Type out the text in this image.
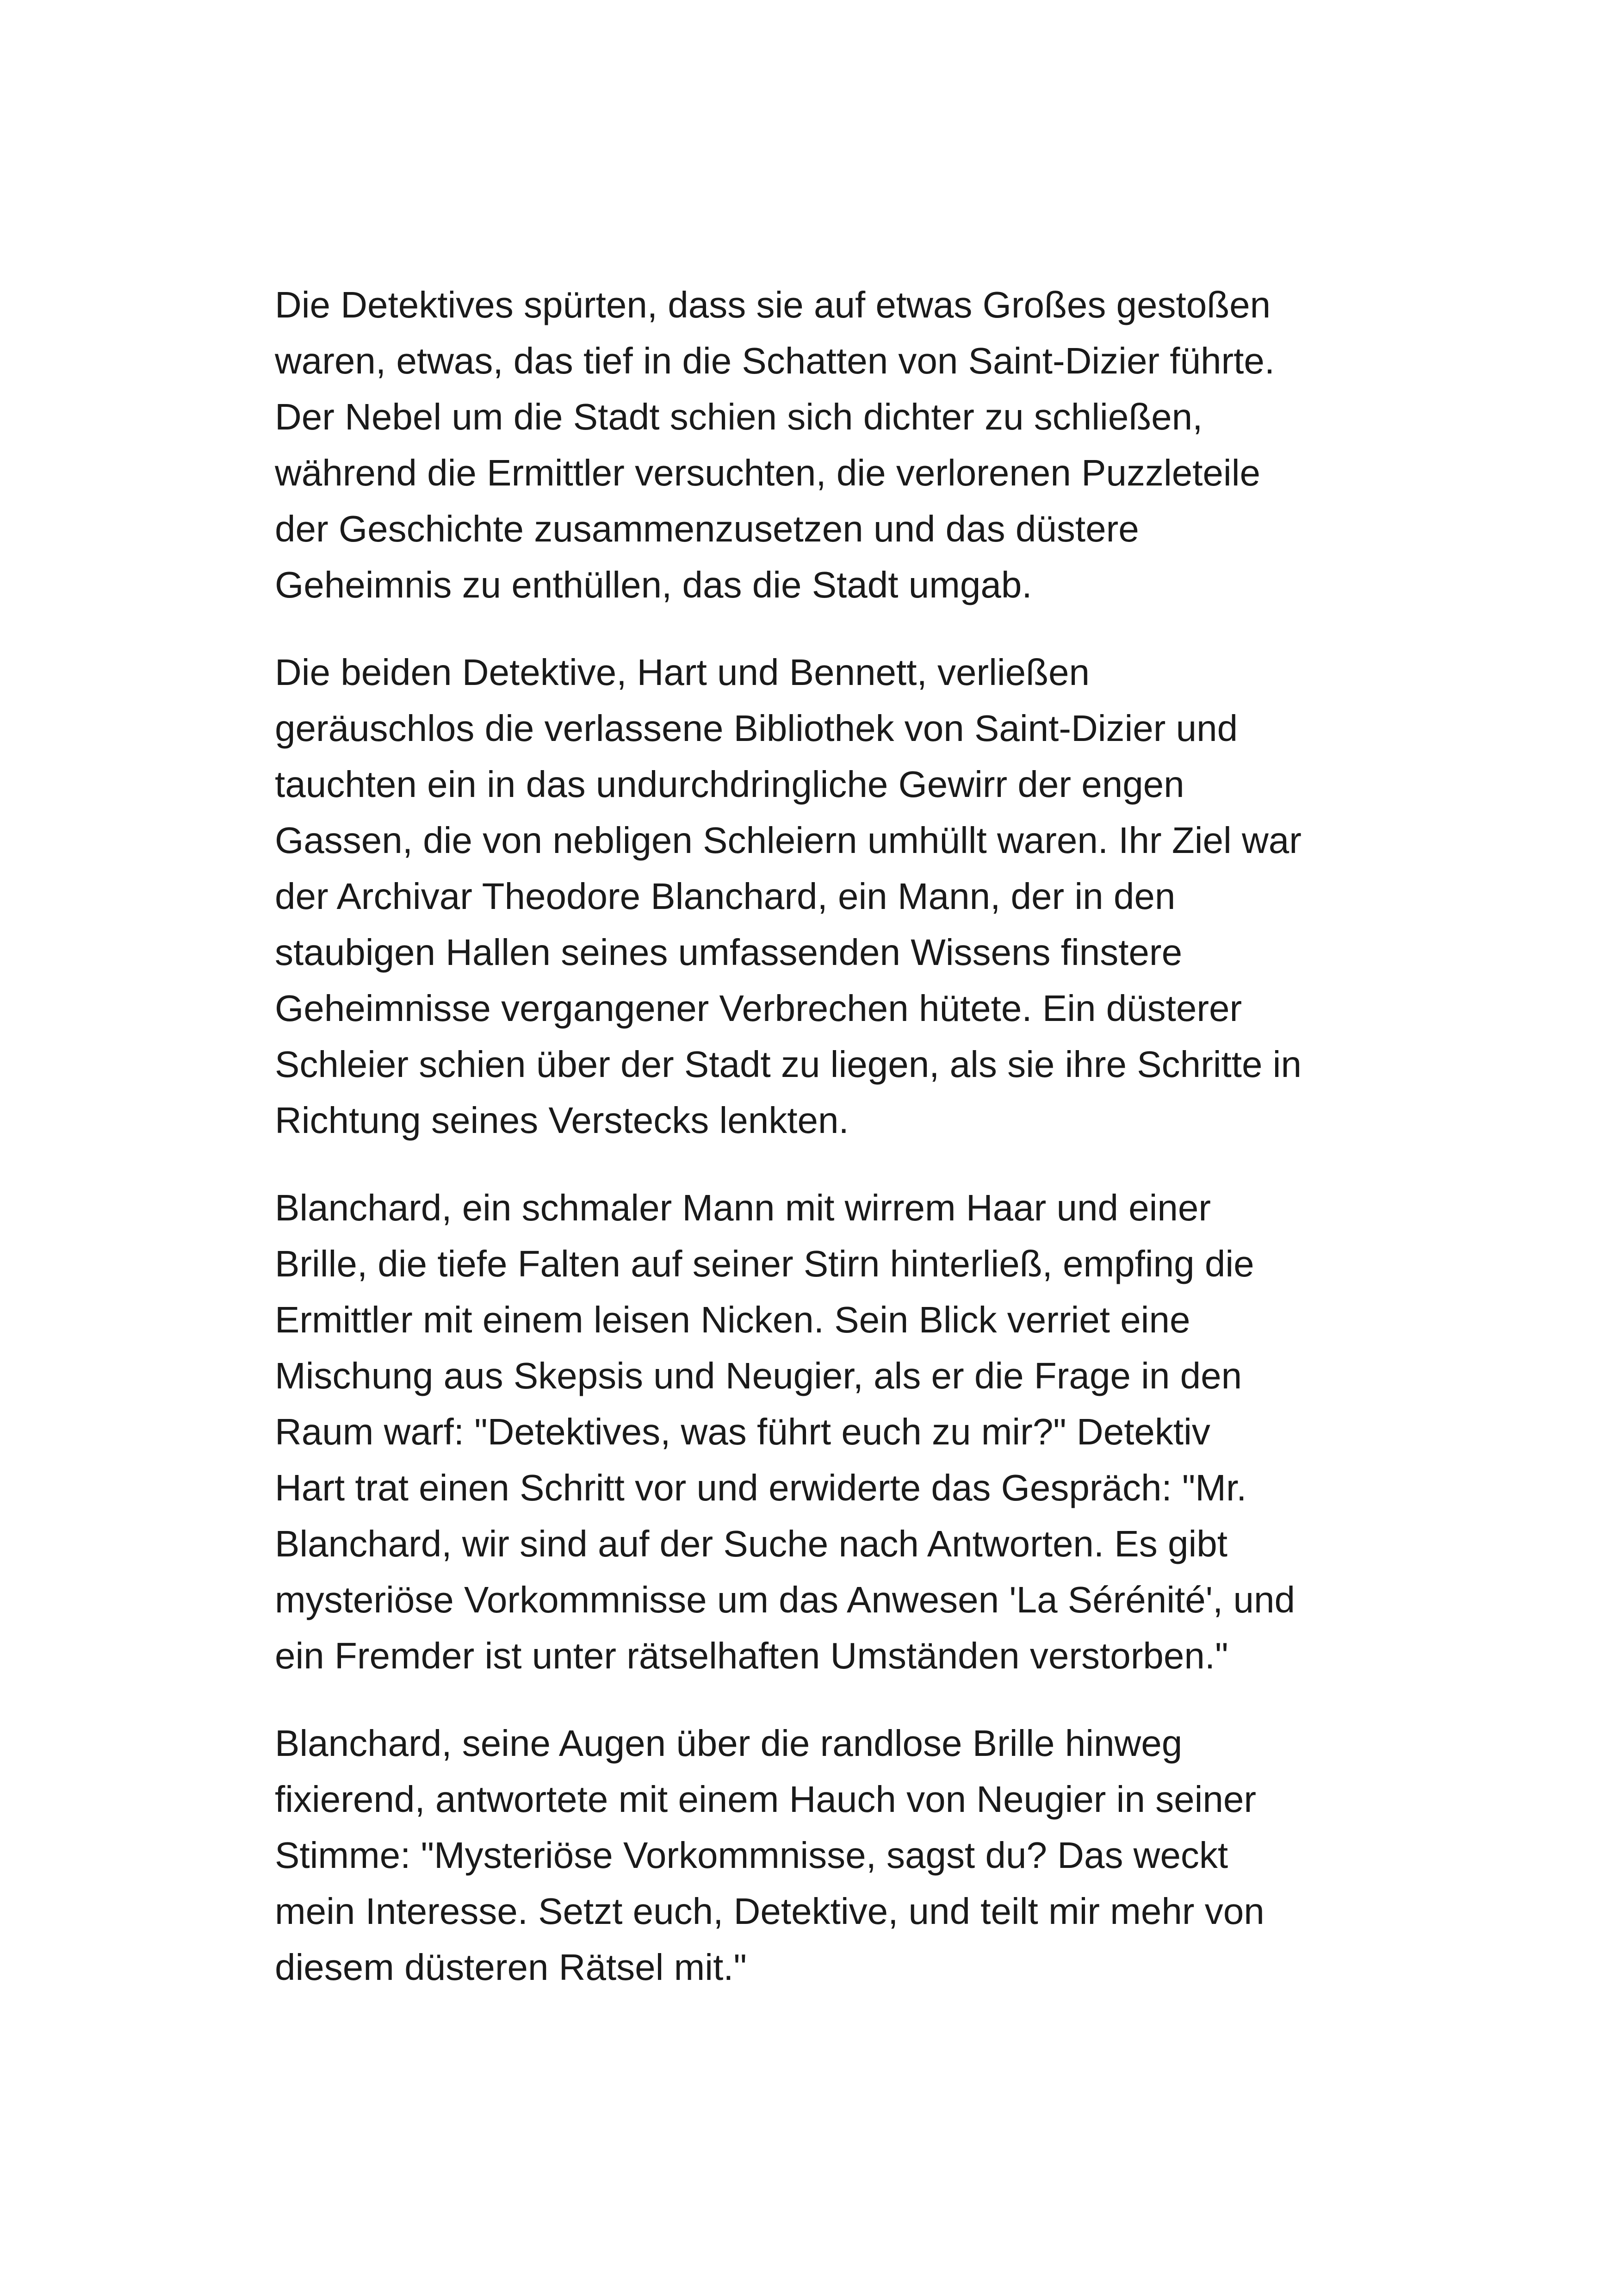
Die Detektives spürten, dass sie auf etwas Großes gestoßen
waren, etwas, das tief in die Schatten von Saint-Dizier führte.
Der Nebel um die Stadt schien sich dichter zu schließen,
während die Ermittler versuchten, die verlorenen Puzzleteile
der Geschichte zusammenzusetzen und das düstere
Geheimnis zu enthüllen, das die Stadt umgab.

Die beiden Detektive, Hart und Bennett, verließen
geräuschlos die verlassene Bibliothek von Saint-Dizier und
tauchten ein in das undurchdringliche Gewirr der engen
Gassen, die von nebligen Schleiern umhüllt waren. Ihr Ziel war
der Archivar Theodore Blanchard, ein Mann, der in den
staubigen Hallen seines umfassenden Wissens finstere
Geheimnisse vergangener Verbrechen hütete. Ein düsterer
Schleier schien über der Stadt zu liegen, als sie ihre Schritte in
Richtung seines Verstecks lenkten.

Blanchard, ein schmaler Mann mit wirrem Haar und einer
Brille, die tiefe Falten auf seiner Stirn hinterließ, empfing die
Ermittler mit einem leisen Nicken. Sein Blick verriet eine
Mischung aus Skepsis und Neugier, als er die Frage in den
Raum warf: "Detektives, was führt euch zu mir?" Detektiv
Hart trat einen Schritt vor und erwiderte das Gespräch: "Mr.
Blanchard, wir sind auf der Suche nach Antworten. Es gibt
mysteriöse Vorkommnisse um das Anwesen 'La Sérénité', und
ein Fremder ist unter rätselhaften Umständen verstorben."

Blanchard, seine Augen über die randlose Brille hinweg
fixierend, antwortete mit einem Hauch von Neugier in seiner
Stimme: "Mysteriöse Vorkommnisse, sagst du? Das weckt
mein Interesse. Setzt euch, Detektive, und teilt mir mehr von
diesem düsteren Rätsel mit."
